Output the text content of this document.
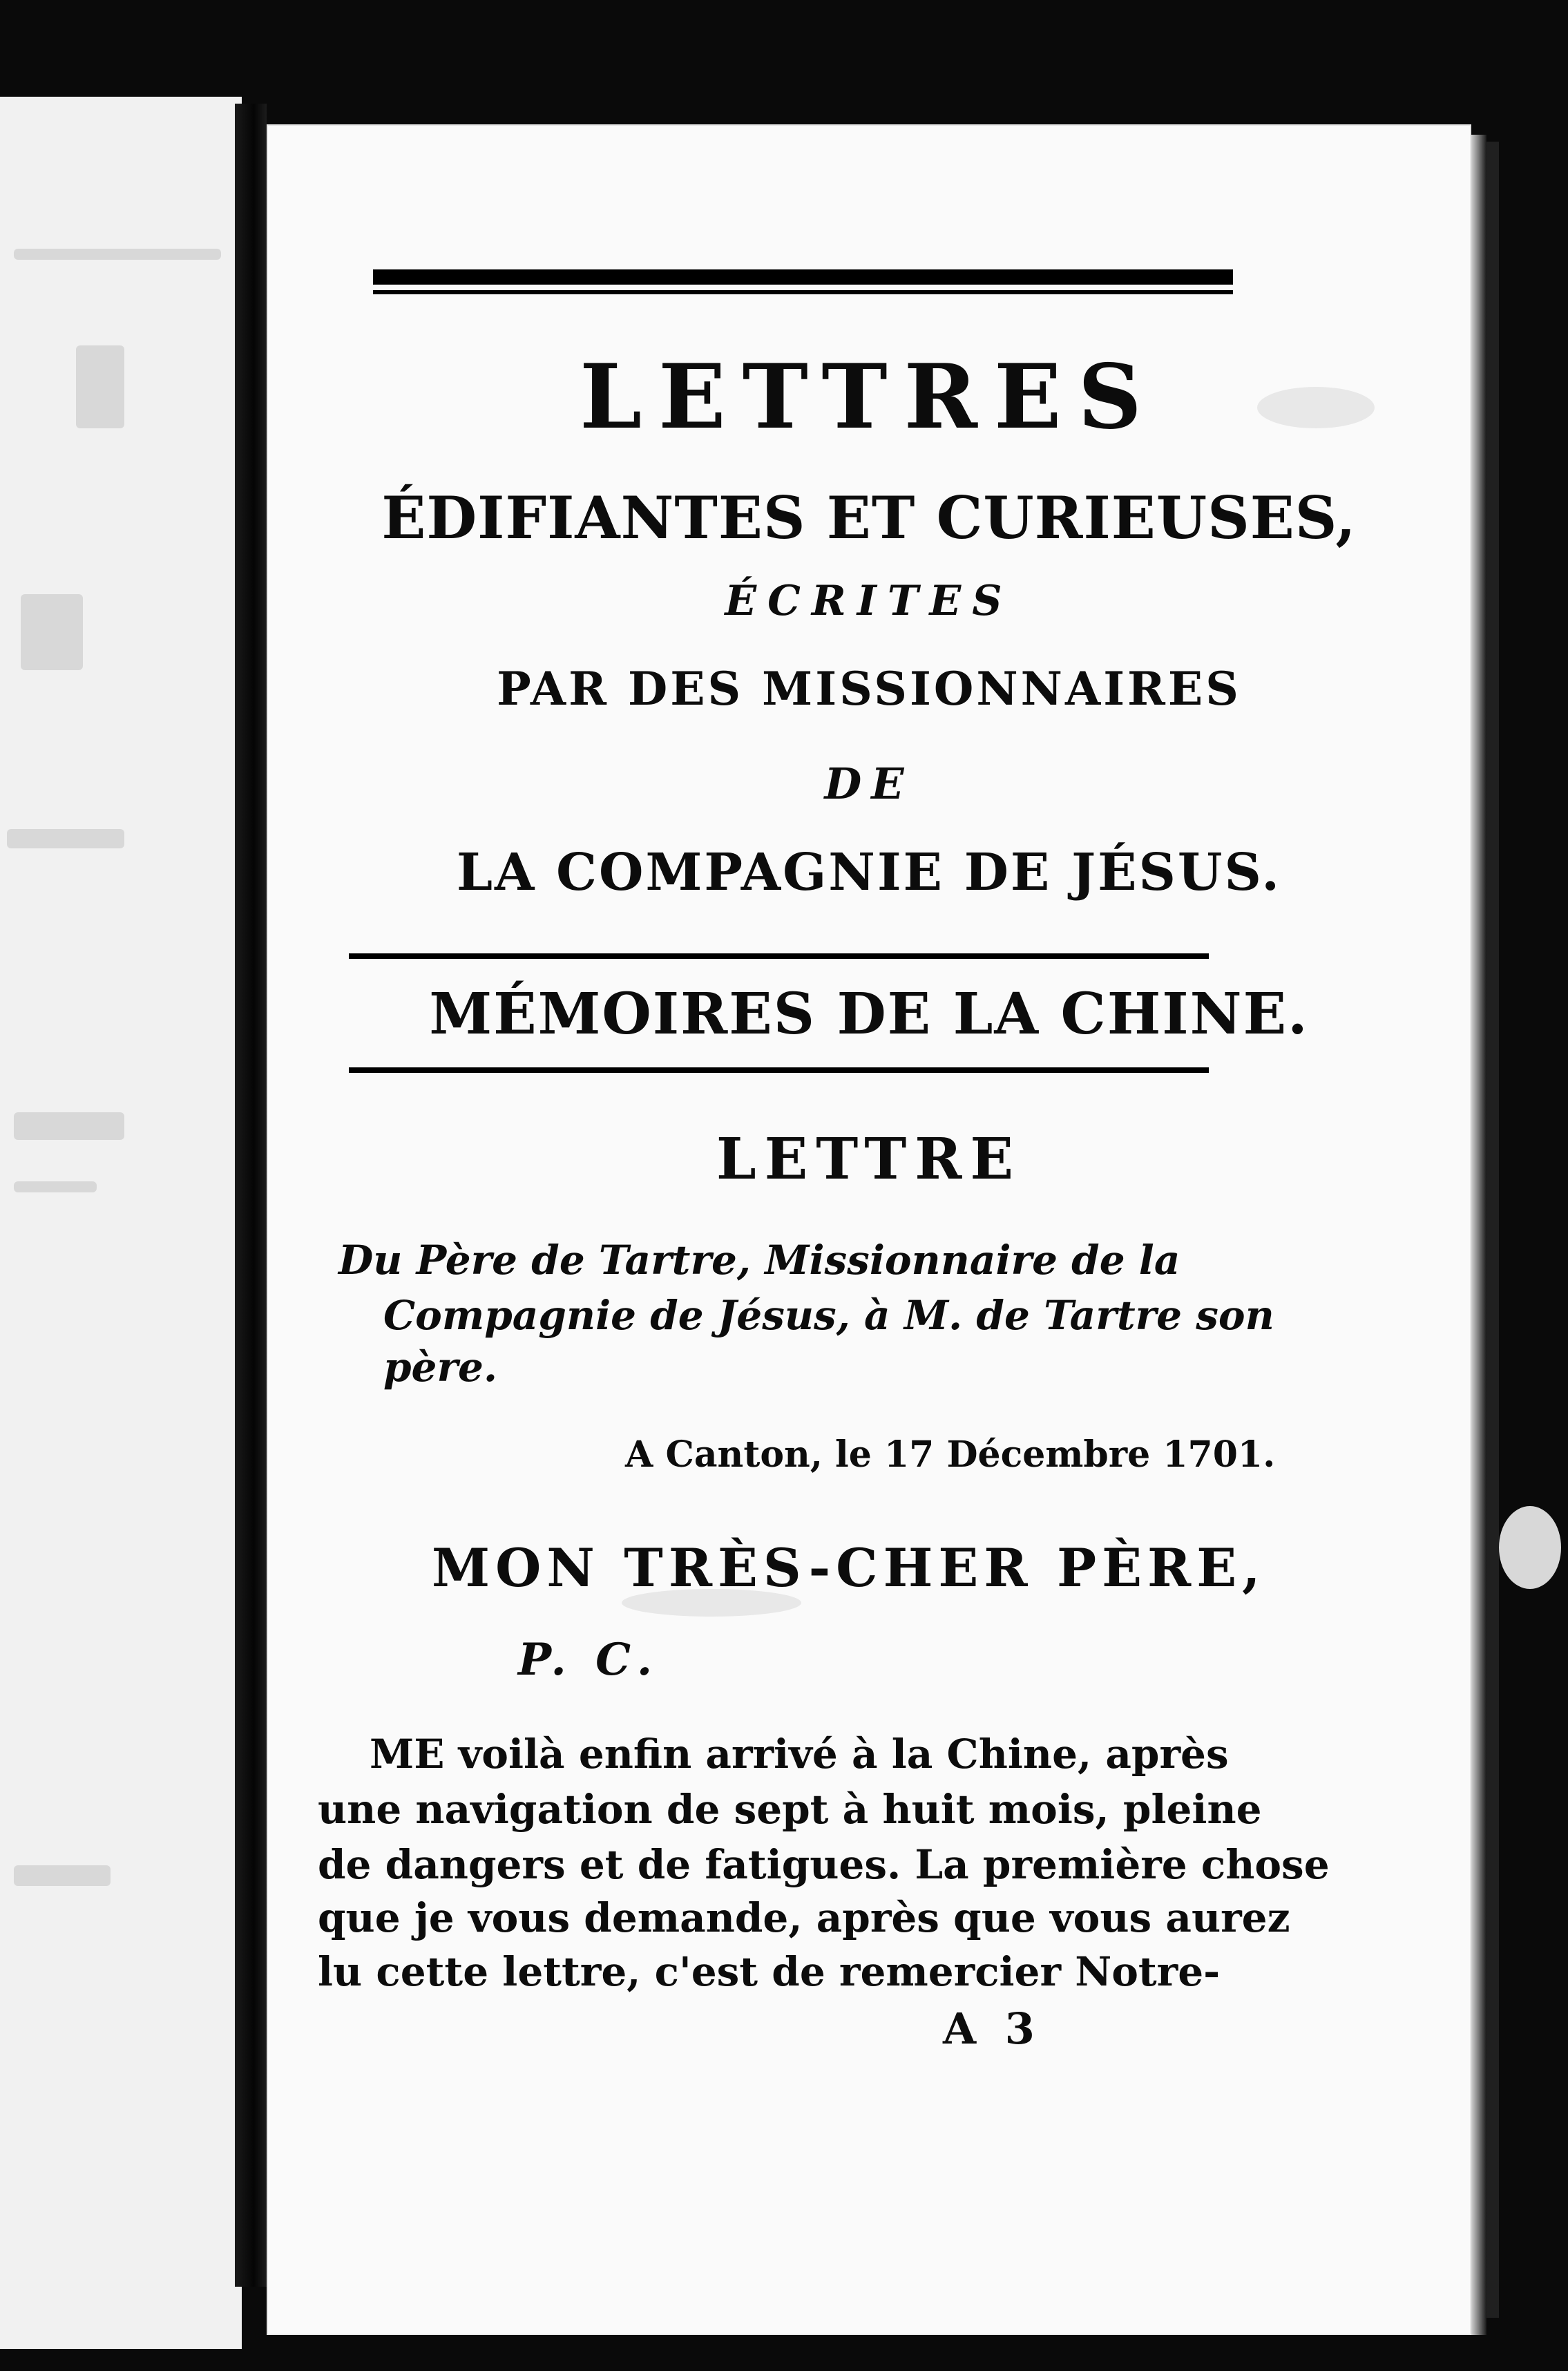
LETTRES
ÉDIFIANTES ET CURIEUSES,
ÉCRITES
PAR DES MISSIONNAIRES
DE
LA COMPAGNIE DE JÉSUS.
MÉMOIRES DE LA CHINE.
LETTRE
Du Père de Tartre, Missionnaire de la
Compagnie de Jésus, à M. de Tartre son
père.
A Canton, le 17 Décembre 1701.
MON TRÈS-CHER PÈRE,
P. C.
ME voilà enfin arrivé à la Chine, après
une navigation de sept à huit mois, pleine
de dangers et de fatigues. La première chose
que je vous demande, après que vous aurez
lu cette lettre, c'est de remercier Notre-
A 3
